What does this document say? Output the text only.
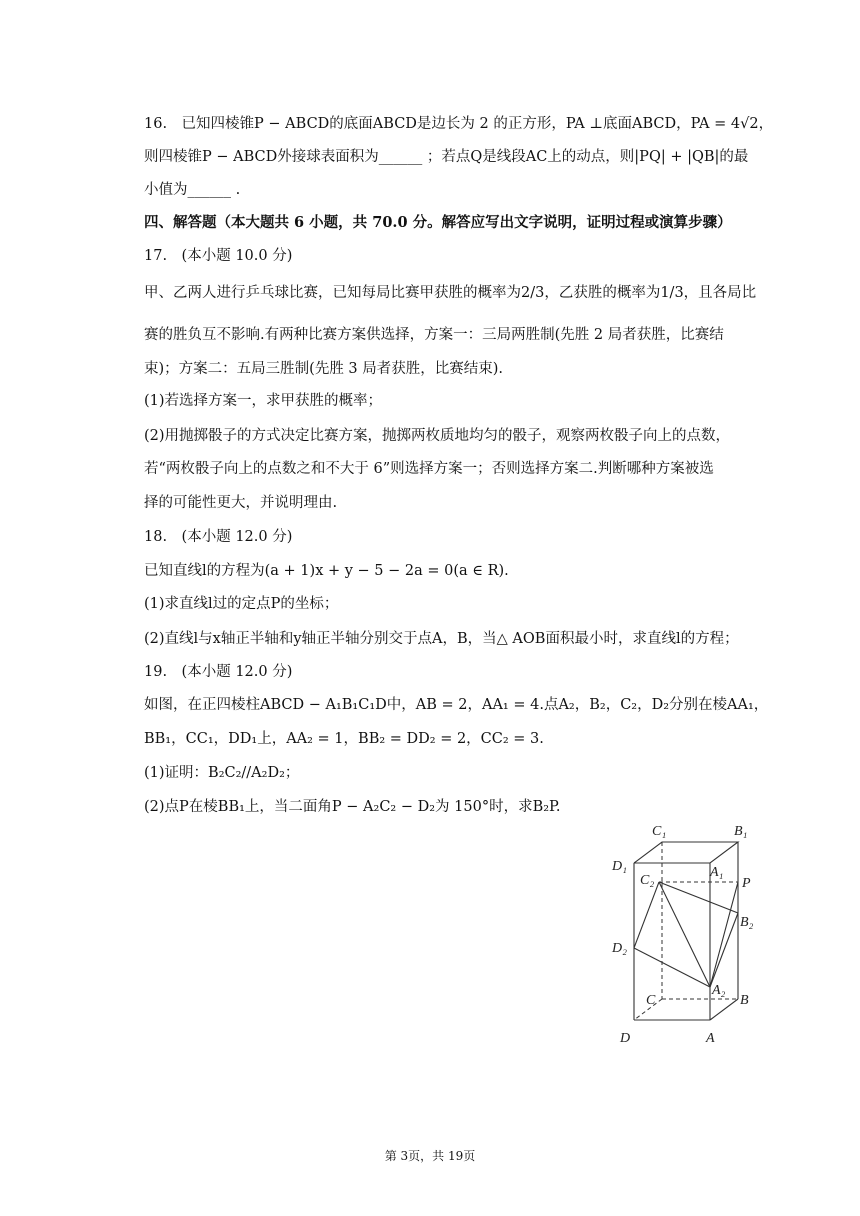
16.　已知四棱锥P − ABCD的底面ABCD是边长为 2 的正方形，PA ⊥底面ABCD，PA = 4√2，
则四棱锥P − ABCD外接球表面积为______ ；若点Q是线段AC上的动点，则|PQ| + |QB|的最
小值为______ .
四、解答题（本大题共 6 小题，共 70.0 分。解答应写出文字说明，证明过程或演算步骤）
17.　(本小题 10.0 分)
甲、乙两人进行乒乓球比赛，已知每局比赛甲获胜的概率为2/3，乙获胜的概率为1/3，且各局比
赛的胜负互不影响.有两种比赛方案供选择，方案一：三局两胜制(先胜 2 局者获胜，比赛结
束)；方案二：五局三胜制(先胜 3 局者获胜，比赛结束).
(1)若选择方案一，求甲获胜的概率；
(2)用抛掷骰子的方式决定比赛方案，抛掷两枚质地均匀的骰子，观察两枚骰子向上的点数，
若“两枚骰子向上的点数之和不大于 6”则选择方案一；否则选择方案二.判断哪种方案被选
择的可能性更大，并说明理由.
18.　(本小题 12.0 分)
已知直线l的方程为(a + 1)x + y − 5 − 2a = 0(a ∈ R).
(1)求直线l过的定点P的坐标；
(2)直线l与x轴正半轴和y轴正半轴分别交于点A，B，当△ AOB面积最小时，求直线l的方程；
19.　(本小题 12.0 分)
如图，在正四棱柱ABCD − A₁B₁C₁D中，AB = 2，AA₁ = 4.点A₂，B₂，C₂，D₂分别在棱AA₁，
BB₁，CC₁，DD₁上，AA₂ = 1，BB₂ = DD₂ = 2，CC₂ = 3.
(1)证明：B₂C₂//A₂D₂；
(2)点P在棱BB₁上，当二面角P − A₂C₂ − D₂为 150°时，求B₂P.
C₁	B₁
D₁
C₂
A₁
P
B₂
D₂
C
A₂
B
D	A
第 3页，共 19页
